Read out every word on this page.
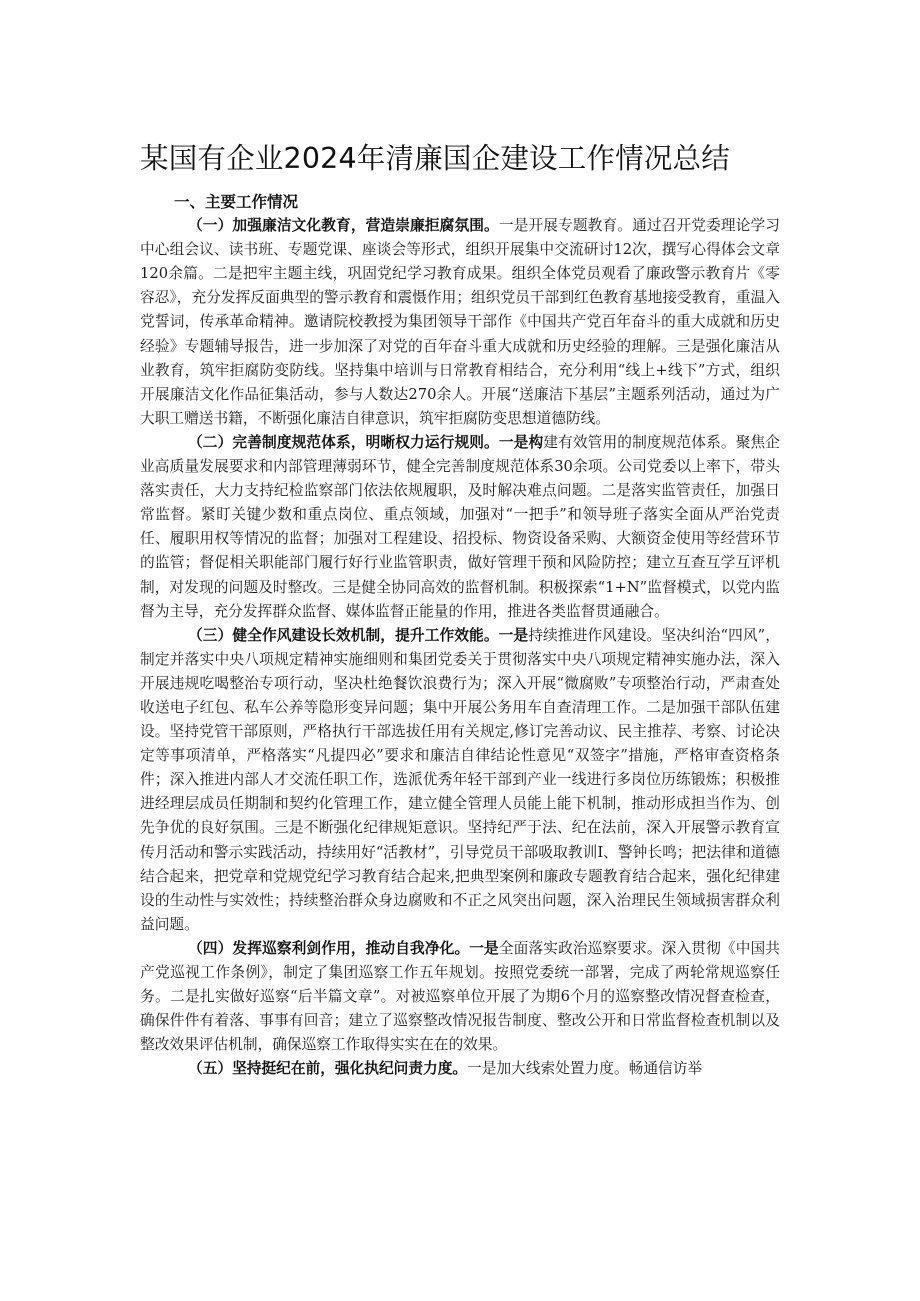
某国有企业2024年清廉国企建设工作情况总结

一、主要工作情况

（一）加强廉洁文化教育，营造崇廉拒腐氛围。一是开展专题教育。通过召开党委理论学习中心组会议、读书班、专题党课、座谈会等形式，组织开展集中交流研讨12次，撰写心得体会文章120余篇。二是把牢主题主线，巩固党纪学习教育成果。组织全体党员观看了廉政警示教育片《零容忍》，充分发挥反面典型的警示教育和震慑作用；组织党员干部到红色教育基地接受教育，重温入党誓词，传承革命精神。邀请院校教授为集团领导干部作《中国共产党百年奋斗的重大成就和历史经验》专题辅导报告，进一步加深了对党的百年奋斗重大成就和历史经验的理解。三是强化廉洁从业教育，筑牢拒腐防变防线。坚持集中培训与日常教育相结合，充分利用“线上+线下”方式，组织开展廉洁文化作品征集活动，参与人数达270余人。开展“送廉洁下基层”主题系列活动，通过为广大职工赠送书籍，不断强化廉洁自律意识，筑牢拒腐防变思想道德防线。

（二）完善制度规范体系，明晰权力运行规则。一是构建有效管用的制度规范体系。聚焦企业高质量发展要求和内部管理薄弱环节，健全完善制度规范体系30余项。公司党委以上率下，带头落实责任，大力支持纪检监察部门依法依规履职，及时解决难点问题。二是落实监管责任，加强日常监督。紧盯关键少数和重点岗位、重点领域，加强对“一把手”和领导班子落实全面从严治党责任、履职用权等情况的监督；加强对工程建设、招投标、物资设备采购、大额资金使用等经营环节的监管；督促相关职能部门履行好行业监管职责，做好管理干预和风险防控；建立互查互学互评机制，对发现的问题及时整改。三是健全协同高效的监督机制。积极探索“1+N”监督模式，以党内监督为主导，充分发挥群众监督、媒体监督正能量的作用，推进各类监督贯通融合。

（三）健全作风建设长效机制，提升工作效能。一是持续推进作风建设。坚决纠治“四风”，制定并落实中央八项规定精神实施细则和集团党委关于贯彻落实中央八项规定精神实施办法，深入开展违规吃喝整治专项行动，坚决杜绝餐饮浪费行为；深入开展“微腐败”专项整治行动，严肃查处收送电子红包、私车公养等隐形变异问题；集中开展公务用车自查清理工作。二是加强干部队伍建设。坚持党管干部原则，严格执行干部选拔任用有关规定,修订完善动议、民主推荐、考察、讨论决定等事项清单，严格落实“凡提四必”要求和廉洁自律结论性意见“双签字”措施，严格审查资格条件；深入推进内部人才交流任职工作，选派优秀年轻干部到产业一线进行多岗位历练锻炼；积极推进经理层成员任期制和契约化管理工作，建立健全管理人员能上能下机制，推动形成担当作为、创先争优的良好氛围。三是不断强化纪律规矩意识。坚持纪严于法、纪在法前，深入开展警示教育宣传月活动和警示实践活动，持续用好“活教材”，引导党员干部吸取教训I、警钟长鸣；把法律和道德结合起来，把党章和党规党纪学习教育结合起来,把典型案例和廉政专题教育结合起来，强化纪律建设的生动性与实效性；持续整治群众身边腐败和不正之风突出问题，深入治理民生领域损害群众利益问题。

（四）发挥巡察利剑作用，推动自我净化。一是全面落实政治巡察要求。深入贯彻《中国共产党巡视工作条例》，制定了集团巡察工作五年规划。按照党委统一部署，完成了两轮常规巡察任务。二是扎实做好巡察“后半篇文章”。对被巡察单位开展了为期6个月的巡察整改情况督查检查，确保件件有着落、事事有回音；建立了巡察整改情况报告制度、整改公开和日常监督检查机制以及整改效果评估机制，确保巡察工作取得实实在在的效果。

（五）坚持挺纪在前，强化执纪问责力度。一是加大线索处置力度。畅通信访举
